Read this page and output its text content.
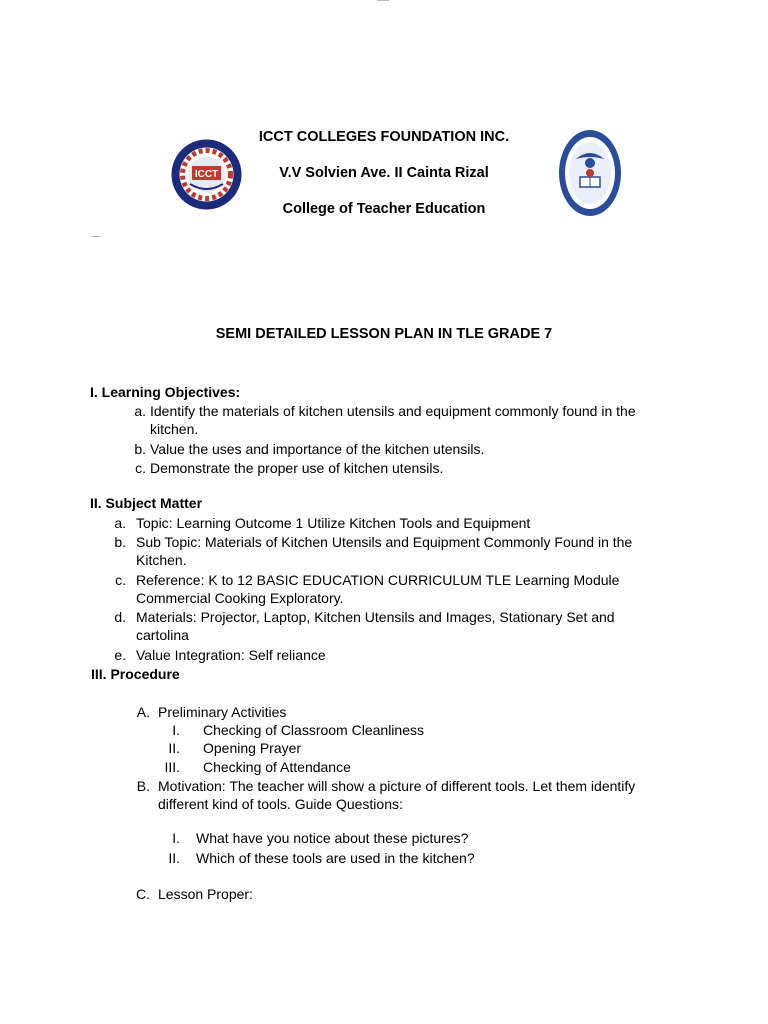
ICCT
ICCT COLLEGES FOUNDATION INC.
V.V Solvien Ave. II Cainta Rizal
College of Teacher Education
SEMI DETAILED LESSON PLAN IN TLE GRADE 7
I. Learning Objectives:
a. Identify the materials of kitchen utensils and equipment commonly found in the
kitchen.
b. Value the uses and importance of the kitchen utensils.
c. Demonstrate the proper use of kitchen utensils.
II. Subject Matter
a. Topic: Learning Outcome 1 Utilize Kitchen Tools and Equipment
b. Sub Topic: Materials of Kitchen Utensils and Equipment Commonly Found in the
Kitchen.
c. Reference: K to 12 BASIC EDUCATION CURRICULUM TLE Learning Module
Commercial Cooking Exploratory.
d. Materials: Projector, Laptop, Kitchen Utensils and Images, Stationary Set and
cartolina
e. Value Integration: Self reliance
III. Procedure
A. Preliminary Activities
I. Checking of Classroom Cleanliness
II. Opening Prayer
III. Checking of Attendance
B. Motivation: The teacher will show a picture of different tools. Let them identify
different kind of tools. Guide Questions:
I. What have you notice about these pictures?
II. Which of these tools are used in the kitchen?
C. Lesson Proper:
